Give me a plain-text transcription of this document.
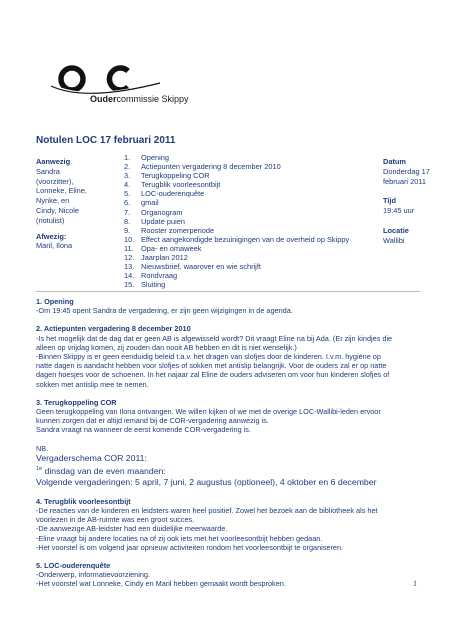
Oudercommissie Skippy
Notulen LOC 17 februari 2011
Aanwezig
Sandra
(voorzitter),
Lonneke, Eline,
Nynke, en
Cindy, Nicole
(notulist)
Afwezig:
Maril, Ilona
1.	Opening
2.	Actiepunten vergadering 8 december 2010
3.	Terugkoppeling COR
4.	Terugblik voorleesontbijt
5.	LOC-ouderenquête
6.	gmail
7.	Organogram
8.	Update puien
9.	Rooster zomerperiode
10. Effect aangekondigde bezuinigingen van de overheid op Skippy
11. Opa- en omaweek
12. Jaarplan 2012
13. Nieuwsbrief, waarover en wie schrijft
14. Rondvraag
15. Sluiting
Datum
Donderdag 17
februari 2011
Tijd
19:45 uur
Locatie
Wallibi

1. Opening

-Om 19:45 opent Sandra de vergadering, er zijn geen wijzigingen in de agenda.

2. Actiepunten vergadering 8 december 2010

-Is het mogelijk dat de dag dat er geen AB is afgewisseld wordt? Dit vraagt Eline na bij Ada. (Er zijn kindjes die

alleen op vrijdag komen, zij zouden dan nooit AB hebben en dit is niet wenselijk.)

-Binnen Skippy is er geen eenduidig beleid t.a.v. het dragen van slofjes door de kinderen. I.v.m. hygiëne op

natte dagen is aandacht hebben voor slofjes of sokken met antislip belangrijk. Voor de ouders zal er op natte

dagen hoesjes voor de schoenen. In het najaar zal Eline de ouders adviseren om voor hun kinderen slofjes of

sokken met antislip mee te nemen.

3. Terugkoppeling COR

Geen terugkoppeling van Ilona ontvangen. We willen kijken of we met de overige LOC-Wallibi-leden ervoor

kunnen zorgen dat er altijd iemand bij de COR-vergadering aanwezig is.

Sandra vraagt na wanneer de eerst komende COR-vergadering is.

NB.

Vergaderschema COR 2011:

$^{1e}$ dinsdag van de even maanden:

Volgende vergaderingen: 5 april, 7 juni, 2 augustus (optioneel), 4 oktober en 6 december

4. Terugblik voorleesontbijt

-De reacties van de kinderen en leidsters waren heel positief. Zowel het bezoek aan de bibliotheek als het

voorlezen in de AB-ruimte was een groot succes.

-De aanwezige AB-leidster had een duidelijke meerwaarde.

-Eline vraagt bij andere locaties na of zij ook iets met het voorleesontbijt hebben gedaan.

-Het voorstel is om volgend jaar opnieuw activiteiten rondom het voorleesontbijt te organiseren.

5. LOC-ouderenquête

-Onderwerp, informatievoorziening.

-Het voorstel wat Lonneke, Cindy en Maril hebben gemaakt wordt besproken.	1
